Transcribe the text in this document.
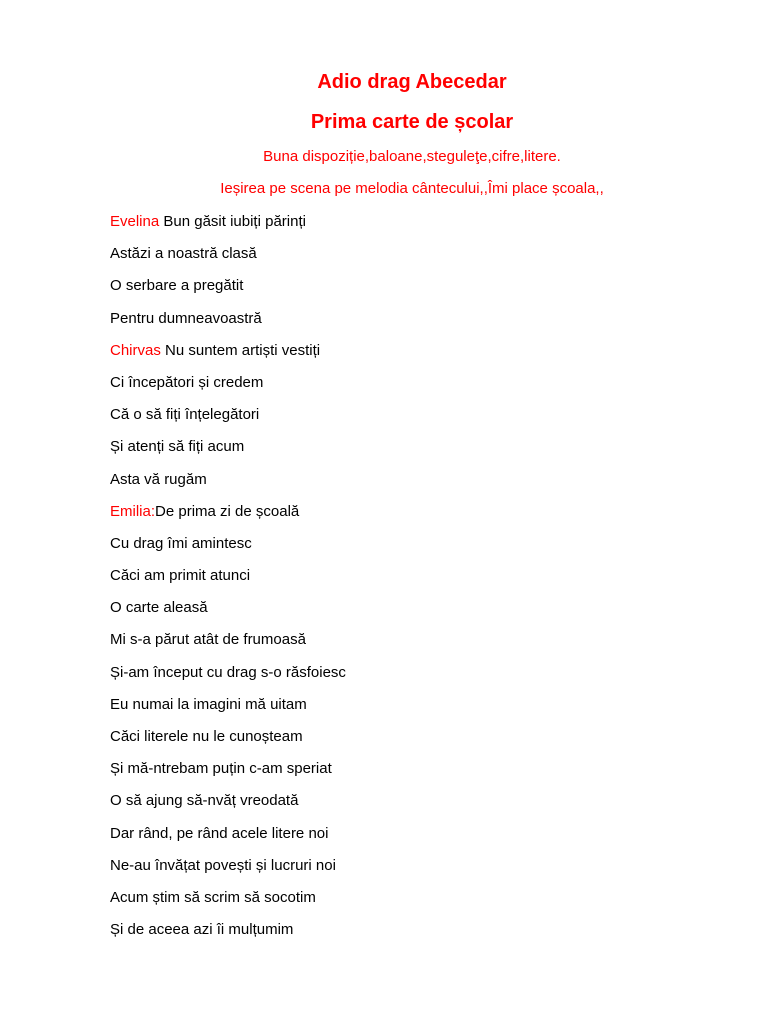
Adio drag Abecedar
Prima carte de școlar

Buna dispoziție,baloane,steguleţe,cifre,litere.

Ieșirea pe scena pe melodia cântecului,,Îmi place școala,,

Evelina Bun găsit iubiți părinți
Astăzi a noastră clasă
O serbare a pregătit
Pentru dumneavoastră
Chirvas Nu suntem artiști vestiți
Ci începători și credem
Că o să fiți înțelegători
Și atenți să fiți acum
Asta vă rugăm
Emilia:De prima zi de școală
Cu drag îmi amintesc
Căci am primit atunci
O carte aleasă
Mi s-a părut atât de frumoasă
Și-am început cu drag s-o răsfoiesc
Eu numai la imagini mă uitam
Căci literele nu le cunoșteam
Și mă-ntrebam puțin c-am speriat
O să ajung să-nvăț vreodată
Dar rând, pe rând acele litere noi
Ne-au învățat povești și lucruri noi
Acum știm să scrim să socotim
Și de aceea azi îi mulțumim
